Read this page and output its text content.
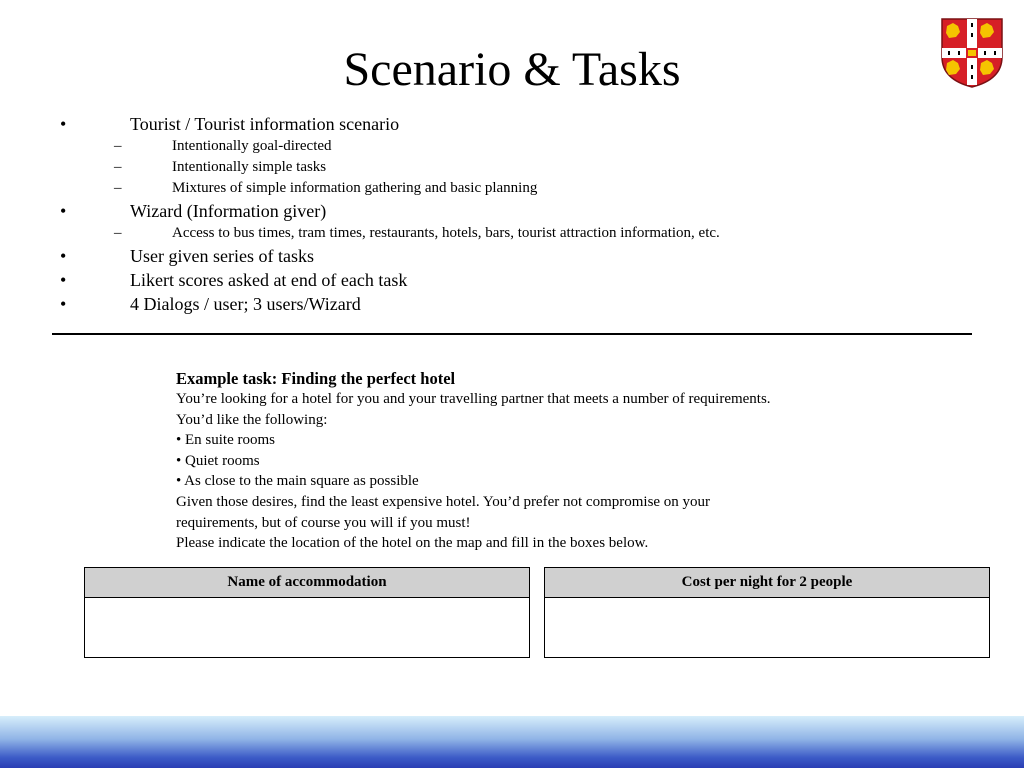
Scenario & Tasks
•	Tourist / Tourist information scenario
–	Intentionally goal-directed
–	Intentionally simple tasks
–	Mixtures of simple information gathering and basic planning
•	Wizard (Information giver)
–	Access to bus times, tram times, restaurants, hotels, bars, tourist attraction information, etc.
•	User given series of tasks
•	Likert scores asked at end of each task
•	4 Dialogs / user; 3 users/Wizard
Example task: Finding the perfect hotel
You’re looking for a hotel for you and your travelling partner that meets a number of requirements.
You’d like the following:
• En suite rooms
• Quiet rooms
• As close to the main square as possible
Given those desires, find the least expensive hotel. You’d prefer not compromise on your
requirements, but of course you will if you must!
Please indicate the location of the hotel on the map and fill in the boxes below.
Name of accommodation	Cost per night for 2 people
